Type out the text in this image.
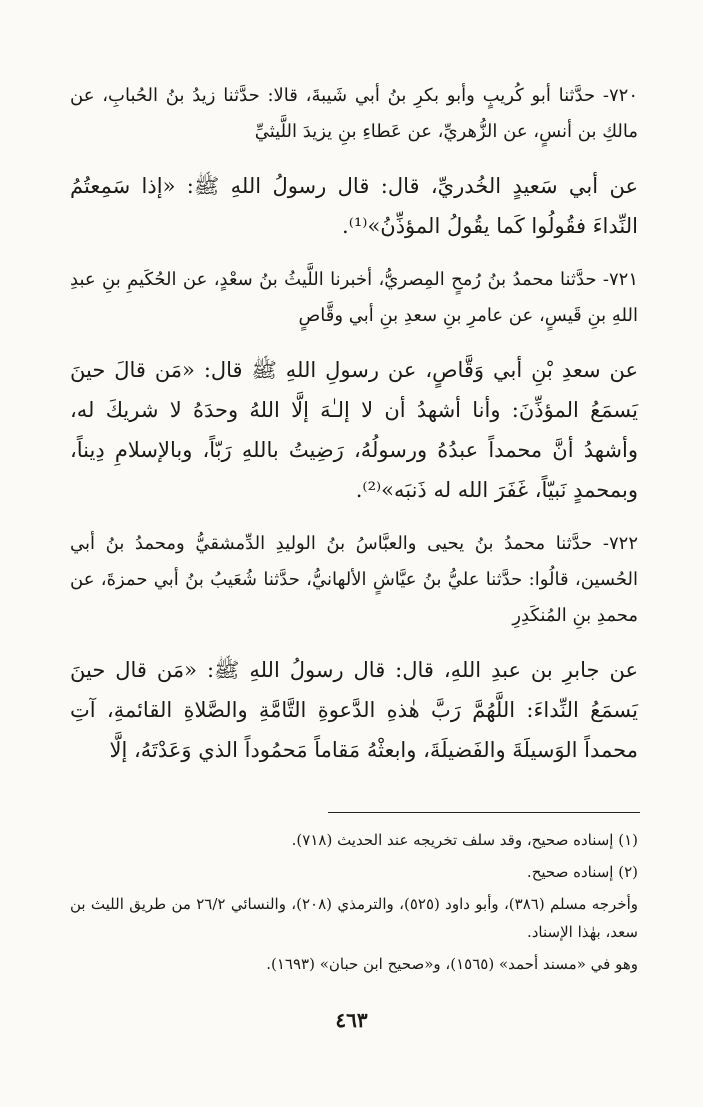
٧٢٠- حدَّثنا أبو كُريبٍ وأبو بكرِ بنُ أبي شَيبةَ، قالا: حدَّثنا زيدُ بنُ الحُبابِ، عن مالكِ بن أنسٍ، عن الزُّهريِّ، عن عَطاءِ بنِ يزيدَ اللَّيثيِّ

عن أبي سَعيدٍ الخُدريِّ، قال: قال رسولُ اللهِ ﷺ: «إذا سَمِعتُمُ النِّداءَ فقُولُوا كَما يقُولُ المؤذِّنُ»⁽¹⁾.

٧٢١- حدَّثنا محمدُ بنُ رُمحٍ المِصريُّ، أخبرنا اللَّيثُ بنُ سعْدٍ، عن الحُكَيمِ بنِ عبدِ اللهِ بنِ قَيسٍ، عن عامرِ بنِ سعدِ بنِ أبي وقَّاصٍ

عن سعدِ بْنِ أبي وَقَّاصٍ، عن رسولِ اللهِ ﷺ قال: «مَن قالَ حينَ يَسمَعُ المؤذِّنَ: وأنا أشهدُ أن لا إلـٰهَ إلَّا اللهُ وحدَهُ لا شريكَ له، وأشهدُ أنَّ محمداً عبدُهُ ورسولُهُ، رَضِيتُ باللهِ رَبّاً، وبالإسلامِ دِيناً، وبمحمدٍ نَبيّاً، غَفَرَ الله له ذَنبَه»⁽²⁾.

٧٢٢- حدَّثنا محمدُ بنُ يحيى والعبَّاسُ بنُ الوليدِ الدِّمشقيُّ ومحمدُ بنُ أبي الحُسين، قالُوا: حدَّثنا عليُّ بنُ عيَّاشٍ الألهانيُّ، حدَّثنا شُعَيبُ بنُ أبي حمزةَ، عن محمدِ بنِ المُنكَدِرِ

عن جابرِ بن عبدِ اللهِ، قال: قال رسولُ اللهِ ﷺ: «مَن قال حينَ يَسمَعُ النِّداءَ: اللَّهُمَّ رَبَّ هٰذهِ الدَّعوةِ التَّامَّةِ والصَّلاةِ القائمةِ، آتِ محمداً الوَسيلَةَ والفَضيلَةَ، وابعثْهُ مَقاماً مَحمُوداً الذي وَعَدْتَهُ، إلَّا

(١) إسناده صحيح، وقد سلف تخريجه عند الحديث (٧١٨).

(٢) إسناده صحيح.

وأخرجه مسلم (٣٨٦)، وأبو داود (٥٢٥)، والترمذي (٢٠٨)، والنسائي ٢٦/٢ من طريق الليث بن سعد، بهٰذا الإسناد.

وهو في «مسند أحمد» (١٥٦٥)، و«صحيح ابن حبان» (١٦٩٣).

٤٦٣
